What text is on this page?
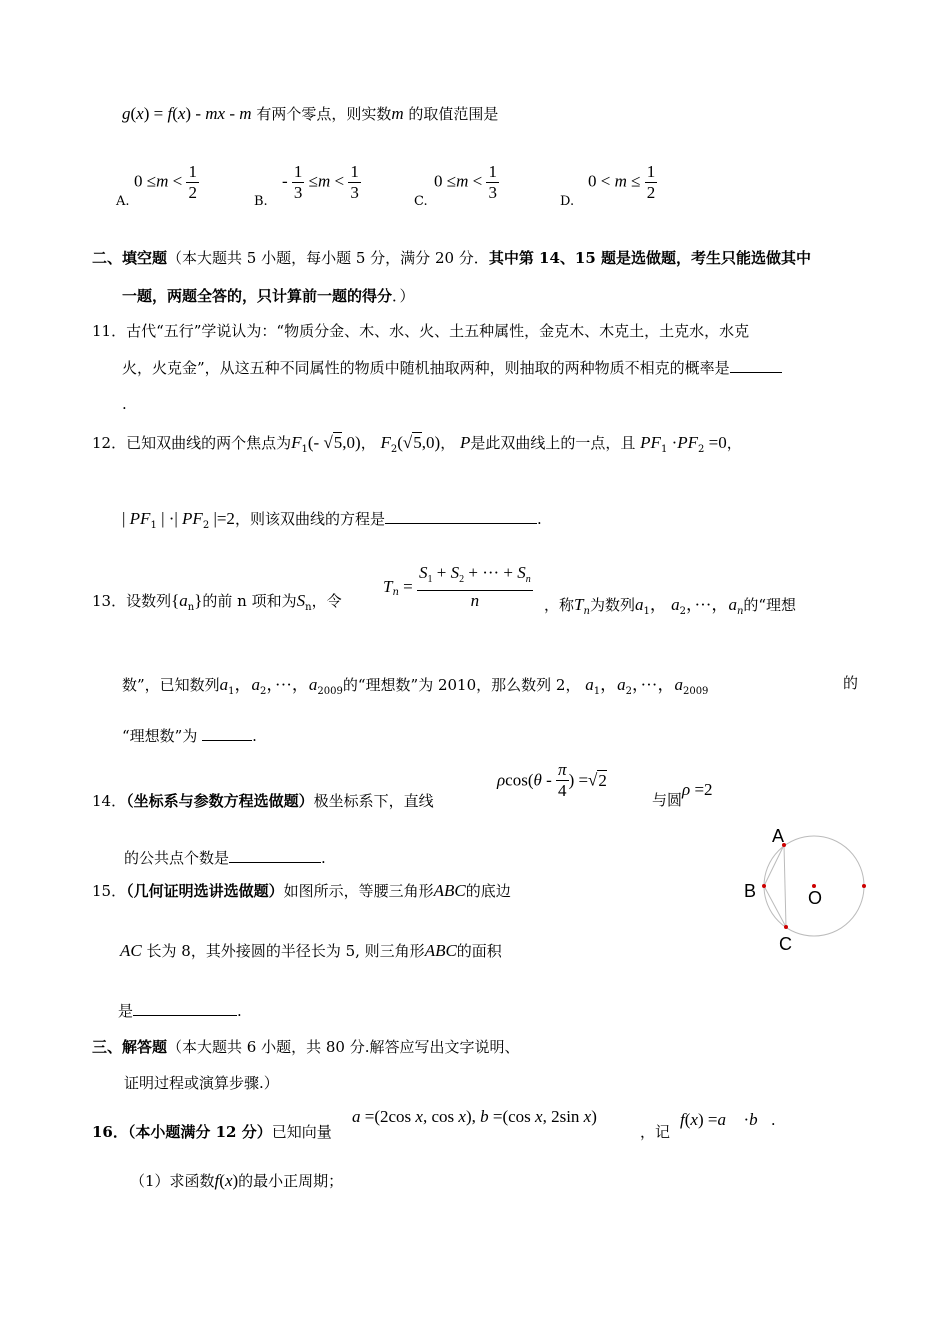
g(x) = f(x) - mx - m 有两个零点，则实数m 的取值范围是
$0 \le m < \frac{1}{2}$
A.
- $\frac{1}{3} \le m < \frac{1}{3}$
B.
$0 \le m < \frac{1}{3}$
C.
$0 < m \le \frac{1}{2}$
D.
二、填空题（本大题共 5 小题，每小题 5 分，满分 20 分．其中第 14、15 题是选做题，考生只能选做其中
一题，两题全答的，只计算前一题的得分．）
11．古代“五行”学说认为：“物质分金、木、水、火、土五种属性，金克木、木克土，土克水，水克
火，火克金”，从这五种不同属性的物质中随机抽取两种，则抽取的两种物质不相克的概率是
.
12．已知双曲线的两个焦点为$F_1(-$ √5,0)， $F_2(√5,0)$， P是此双曲线上的一点，且 $PF_1 \cdot PF_2 =0$，
| $PF_1$ | ·| $PF_2$ |=2，则该双曲线的方程是	.
13．设数列$\{a_n\}$的前 n 项和为$S_n$，令
$T_n = \frac{S_1 + S_2 + \cdot\cdot\cdot + S_n}{n}$ ，称$T_n$为数列$a_1$， $a_2$，···，$a_n$的“理想
数”，已知数列$a_1$，$a_2$，···，$a_{2009}$的“理想数”为 2010，那么数列 2， $a_1$，$a_2$，···，$a_{2009}$	的
“理想数”为	.
14．（坐标系与参数方程选做题）极坐标系下，直线
$\rho\cos(\theta - \frac{\pi}{4}$ ) =√2
与圆ρ =2
的公共点个数是	.
15．（几何证明选讲选做题）如图所示，等腰三角形ABC的底边
AC 长为 8，其外接圆的半径长为 5, 则三角形ABC的面积
是	.
A
B
C
O
三、解答题（本大题共 6 小题，共 80 分.解答应写出文字说明、
证明过程或演算步骤.）
16．（本小题满分 12 分）已知向量
a =(2cos x, cos x), b =(cos x, 2sin x)
，记
f(x) =a⃗ ·b⃗.
（1）求函数f(x)的最小正周期；
